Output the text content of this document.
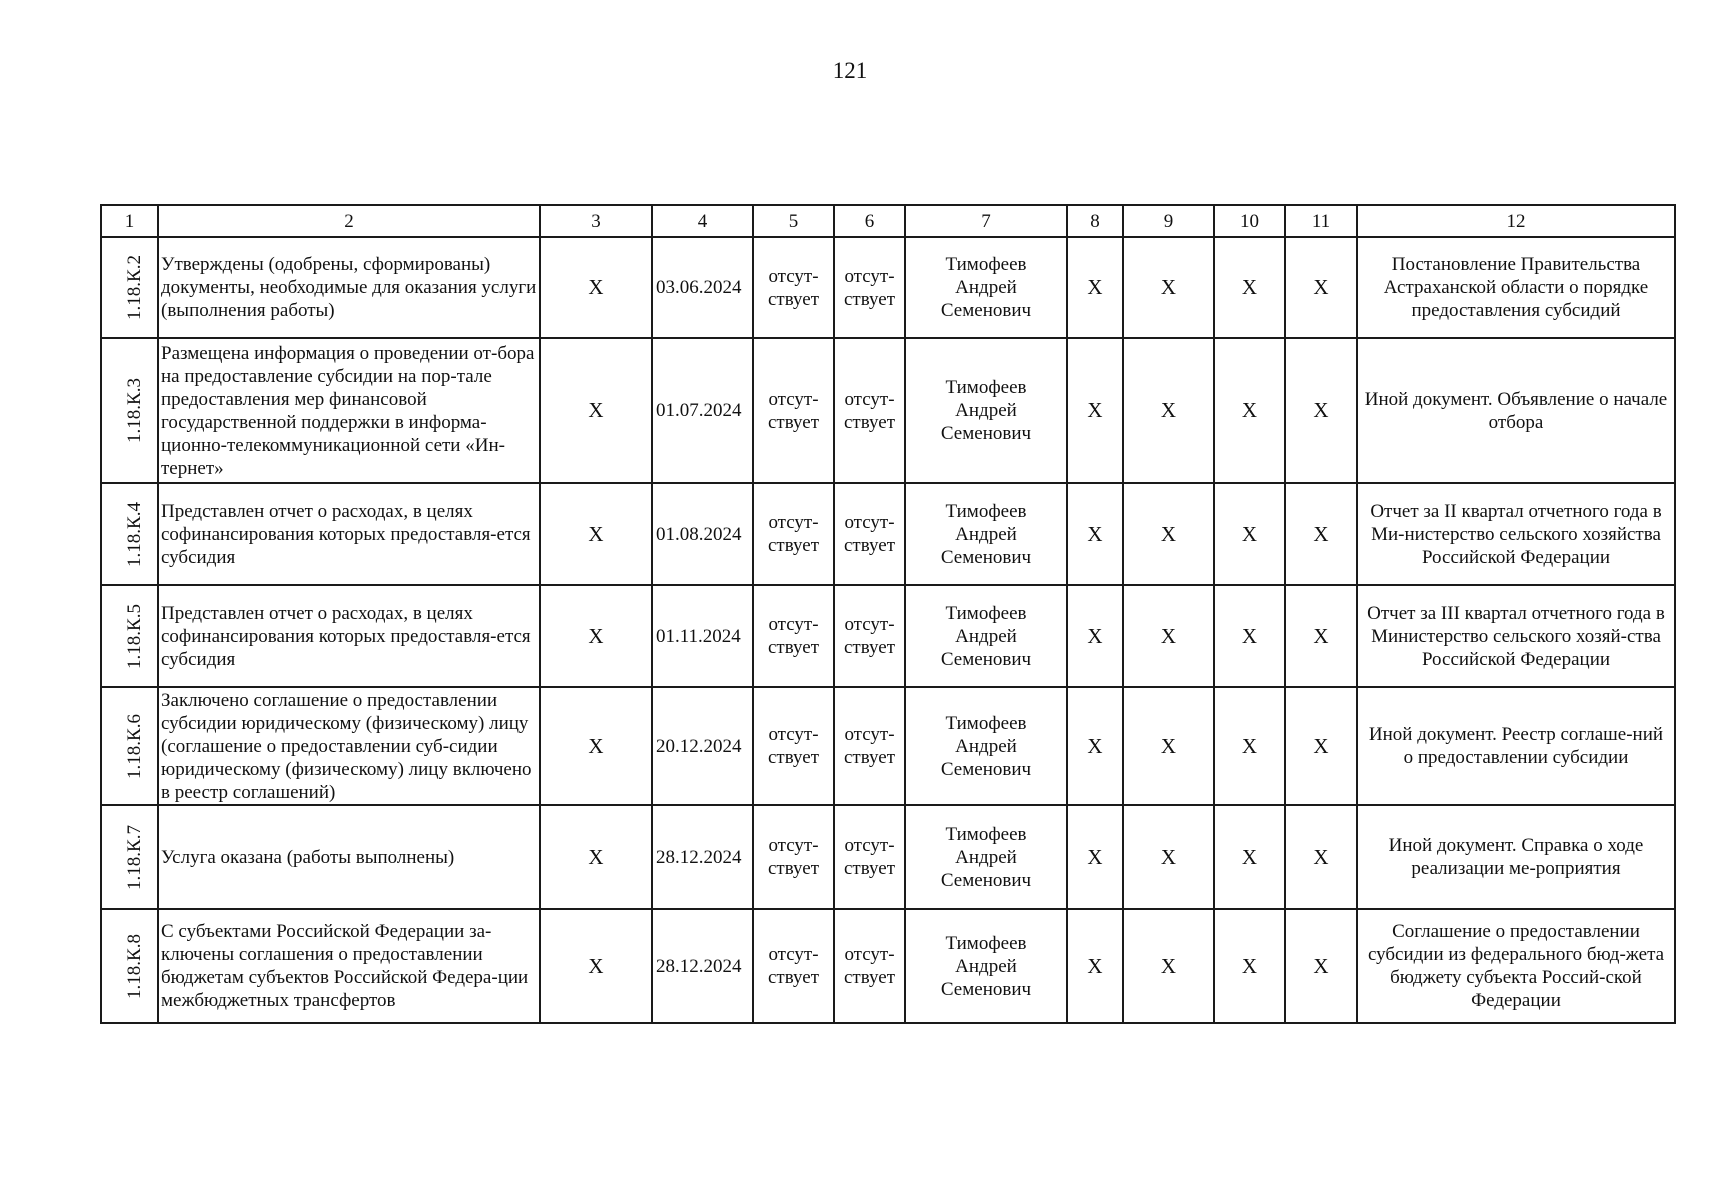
121
1	2	3	4	5	6	7	8	9	10	11	12
1.18.К.2	Утверждены (одобрены, сформированы) документы, необходимые для оказания услуги (выполнения работы)	X	03.06.2024	отсут-ствует	отсут-ствует	Тимофеев
Андрей
Семенович	X	X	X	X	Постановление Правительства Астраханской области о порядке предоставления субсидий
1.18.К.3	Размещена информация о проведении от-бора на предоставление субсидии на пор-тале предоставления мер финансовой государственной поддержки в информа-ционно-телекоммуникационной сети «Ин-тернет»	X	01.07.2024	отсут-ствует	отсут-ствует	Тимофеев
Андрей
Семенович	X	X	X	X	Иной документ. Объявление о начале отбора
1.18.К.4	Представлен отчет о расходах, в целях софинансирования которых предоставля-ется субсидия	X	01.08.2024	отсут-ствует	отсут-ствует	Тимофеев
Андрей
Семенович	X	X	X	X	Отчет за II квартал отчетного года в Ми-нистерство сельского хозяйства Российской Федерации
1.18.К.5	Представлен отчет о расходах, в целях софинансирования которых предоставля-ется субсидия	X	01.11.2024	отсут-ствует	отсут-ствует	Тимофеев
Андрей
Семенович	X	X	X	X	Отчет за III квартал отчетного года в Министерство сельского хозяй-ства Российской Федерации
1.18.К.6	Заключено соглашение о предоставлении субсидии юридическому (физическому) лицу (соглашение о предоставлении суб-сидии юридическому (физическому) лицу включено в реестр соглашений)	X	20.12.2024	отсут-ствует	отсут-ствует	Тимофеев
Андрей
Семенович	X	X	X	X	Иной документ. Реестр соглаше-ний о предоставлении субсидии
1.18.К.7	Услуга оказана (работы выполнены)	X	28.12.2024	отсут-ствует	отсут-ствует	Тимофеев
Андрей
Семенович	X	X	X	X	Иной документ. Справка о ходе реализации ме-роприятия
1.18.К.8	С субъектами Российской Федерации за-ключены соглашения о предоставлении бюджетам субъектов Российской Федера-ции межбюджетных трансфертов	X	28.12.2024	отсут-ствует	отсут-ствует	Тимофеев
Андрей
Семенович	X	X	X	X	Соглашение о предоставлении субсидии из федерального бюд-жета бюджету субъекта Россий-ской Федерации
